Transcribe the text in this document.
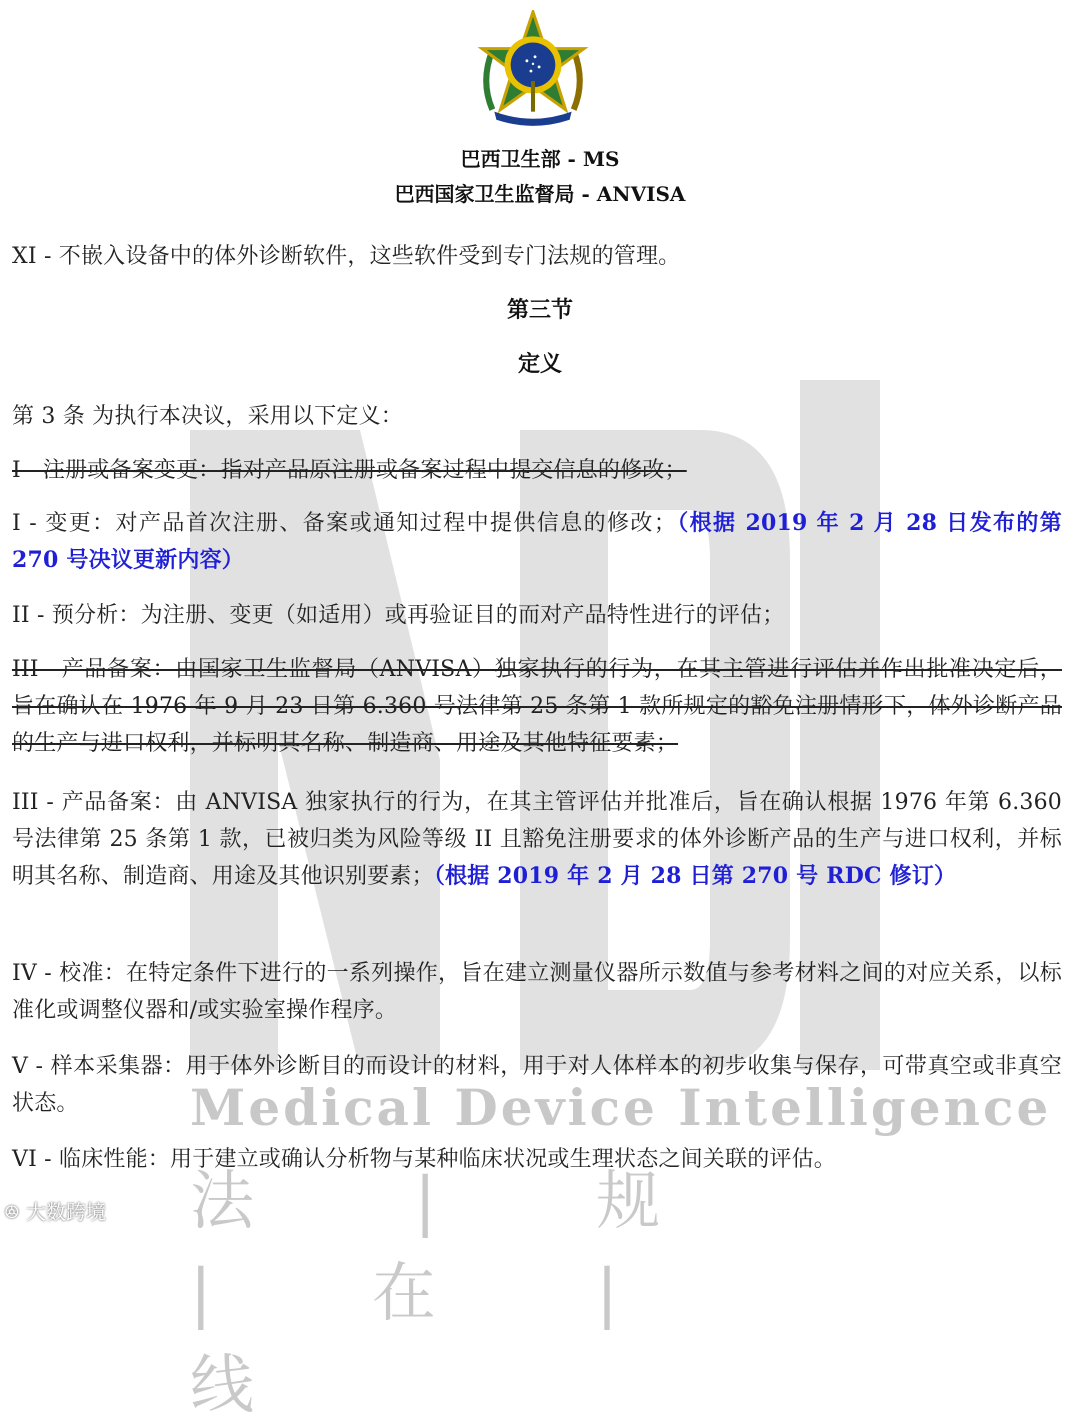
Medical Device Intelligence
法 | 规 | 在 | 线
巴西卫生部 - MS
巴西国家卫生监督局 - ANVISA
XI - 不嵌入设备中的体外诊断软件，这些软件受到专门法规的管理。
第三节
定义
第 3 条 为执行本决议，采用以下定义：
I - 注册或备案变更：指对产品原注册或备案过程中提交信息的修改；
I - 变更：对产品首次注册、备案或通知过程中提供信息的修改；（根据 2019 年 2 月 28 日发布的第 270 号决议更新内容）
II - 预分析：为注册、变更（如适用）或再验证目的而对产品特性进行的评估；
III - 产品备案：由国家卫生监督局（ANVISA）独家执行的行为，在其主管进行评估并作出批准决定后，旨在确认在 1976 年 9 月 23 日第 6.360 号法律第 25 条第 1 款所规定的豁免注册情形下，体外诊断产品的生产与进口权利，并标明其名称、制造商、用途及其他特征要素；
III - 产品备案：由 ANVISA 独家执行的行为，在其主管评估并批准后，旨在确认根据 1976 年第 6.360 号法律第 25 条第 1 款，已被归类为风险等级 II 且豁免注册要求的体外诊断产品的生产与进口权利，并标明其名称、制造商、用途及其他识别要素；（根据 2019 年 2 月 28 日第 270 号 RDC 修订）
IV - 校准：在特定条件下进行的一系列操作，旨在建立测量仪器所示数值与参考材料之间的对应关系，以标准化或调整仪器和/或实验室操作程序。
V - 样本采集器：用于体外诊断目的而设计的材料，用于对人体样本的初步收集与保存，可带真空或非真空状态。
VI - 临床性能：用于建立或确认分析物与某种临床状况或生理状态之间关联的评估。
ꔮ 大数跨境
